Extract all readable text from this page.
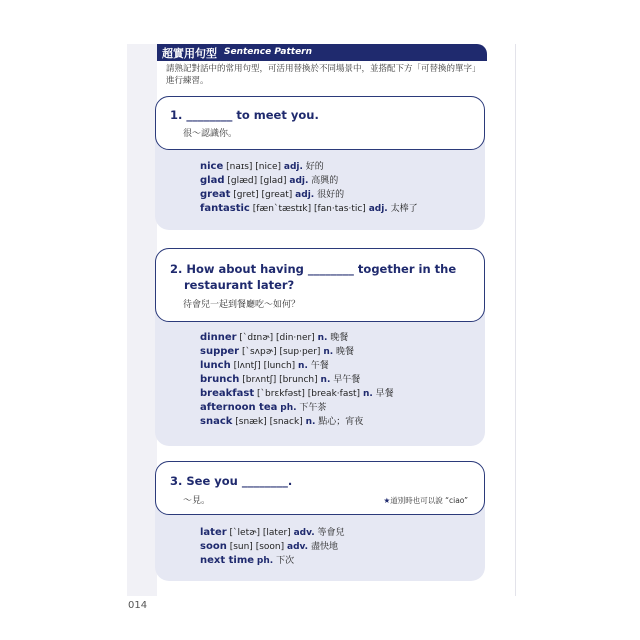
超實用句型 Sentence Pattern
請熟記對話中的常用句型，可活用替換於不同場景中，並搭配下方「可替換的單字」進行練習。
1. ________ to meet you.
很～認識你。
nice [naɪs] [nice] adj. 好的
glad [glæd] [glad] adj. 高興的
great [gret] [great] adj. 很好的
fantastic [fænˋtæstɪk] [fan·tas·tic] adj. 太棒了
2. How about having ________ together in the
restaurant later?
待會兒一起到餐廳吃～如何？
dinner [ˋdɪnɚ] [din·ner] n. 晚餐
supper [ˋsʌpɚ] [sup·per] n. 晚餐
lunch [lʌntʃ] [lunch] n. 午餐
brunch [brʌntʃ] [brunch] n. 早午餐
breakfast [ˋbrɛkfəst] [break·fast] n. 早餐
afternoon tea ph. 下午茶
snack [snæk] [snack] n. 點心；宵夜
3. See you ________.
～見。	★道別時也可以說 “ciao”
later [ˋletɚ] [later] adv. 等會兒
soon [sun] [soon] adv. 盡快地
next time ph. 下次
014
